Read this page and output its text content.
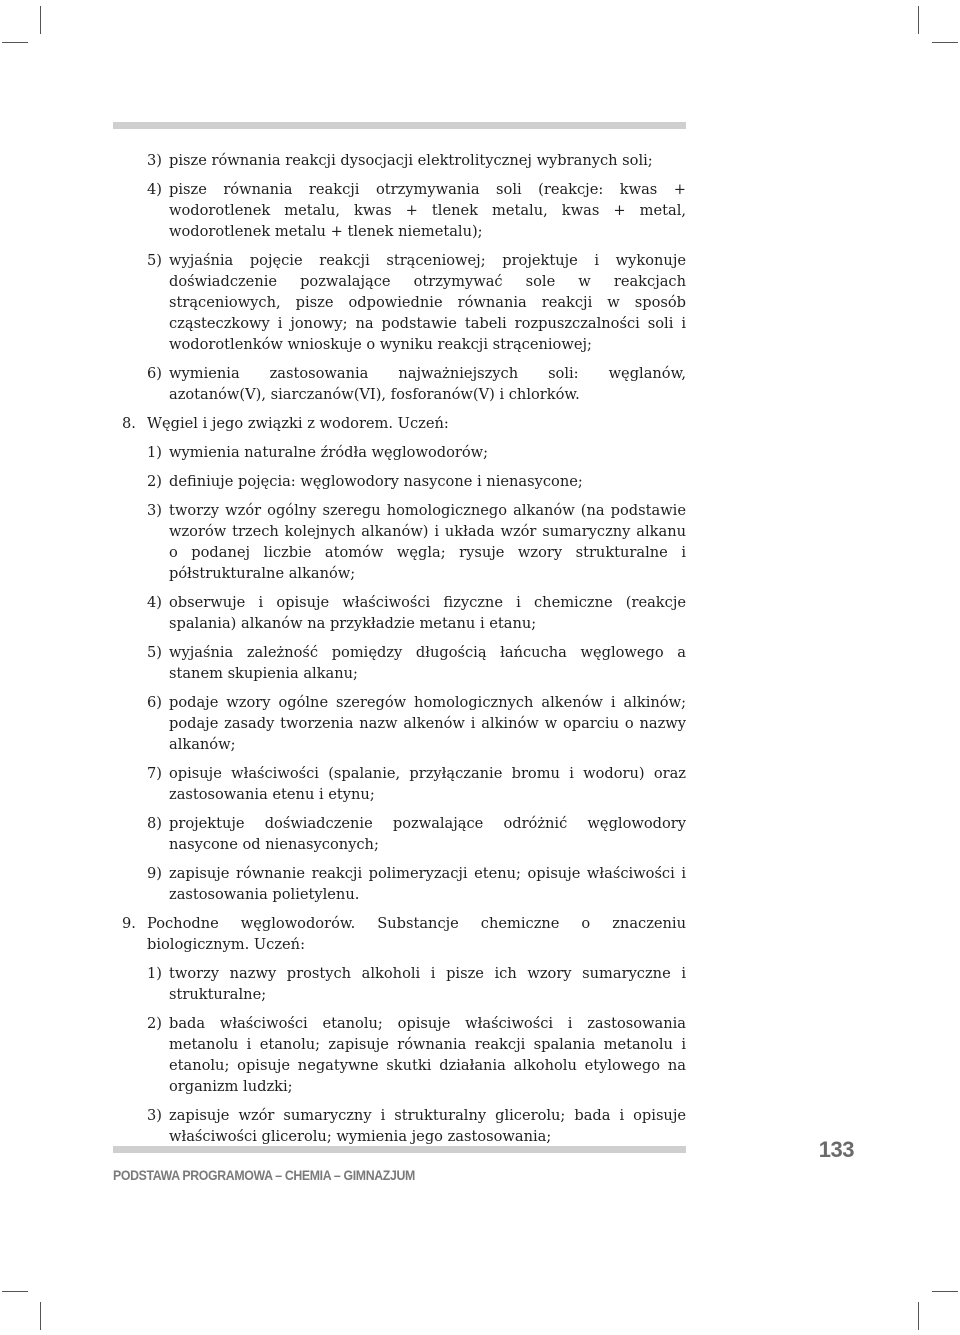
3) pisze równania reakcji dysocjacji elektrolitycznej wybranych soli;
4) pisze równania reakcji otrzymywania soli (reakcje: kwas + wodorotlenek metalu, kwas + tlenek metalu, kwas + metal, wodorotlenek metalu + tlenek niemetalu);
5) wyjaśnia pojęcie reakcji strąceniowej; projektuje i wykonuje doświadczenie pozwalające otrzymywać sole w reakcjach strąceniowych, pisze odpowiednie równania reakcji w sposób cząsteczkowy i jonowy; na podstawie tabeli rozpuszczalności soli i wodorotlenków wnioskuje o wyniku reakcji strąceniowej;
6) wymienia zastosowania najważniejszych soli: węglanów, azotanów(V), siarczanów(VI), fosforanów(V) i chlorków.
8. Węgiel i jego związki z wodorem. Uczeń:
1) wymienia naturalne źródła węglowodorów;
2) definiuje pojęcia: węglowodory nasycone i nienasycone;
3) tworzy wzór ogólny szeregu homologicznego alkanów (na podstawie wzorów trzech kolejnych alkanów) i układa wzór sumaryczny alkanu o podanej liczbie atomów węgla; rysuje wzory strukturalne i półstrukturalne alkanów;
4) obserwuje i opisuje właściwości fizyczne i chemiczne (reakcje spalania) alkanów na przykładzie metanu i etanu;
5) wyjaśnia zależność pomiędzy długością łańcucha węglowego a stanem skupienia alkanu;
6) podaje wzory ogólne szeregów homologicznych alkenów i alkinów; podaje zasady tworzenia nazw alkenów i alkinów w oparciu o nazwy alkanów;
7) opisuje właściwości (spalanie, przyłączanie bromu i wodoru) oraz zastosowania etenu i etynu;
8) projektuje doświadczenie pozwalające odróżnić węglowodory nasycone od nienasyconych;
9) zapisuje równanie reakcji polimeryzacji etenu; opisuje właściwości i zastosowania polietylenu.
9. Pochodne węglowodorów. Substancje chemiczne o znaczeniu biologicznym. Uczeń:
1) tworzy nazwy prostych alkoholi i pisze ich wzory sumaryczne i strukturalne;
2) bada właściwości etanolu; opisuje właściwości i zastosowania metanolu i etanolu; zapisuje równania reakcji spalania metanolu i etanolu; opisuje negatywne skutki działania alkoholu etylowego na organizm ludzki;
3) zapisuje wzór sumaryczny i strukturalny glicerolu; bada i opisuje właściwości glicerolu; wymienia jego zastosowania;
PODSTAWA PROGRAMOWA – CHEMIA – GIMNAZJUM
133
